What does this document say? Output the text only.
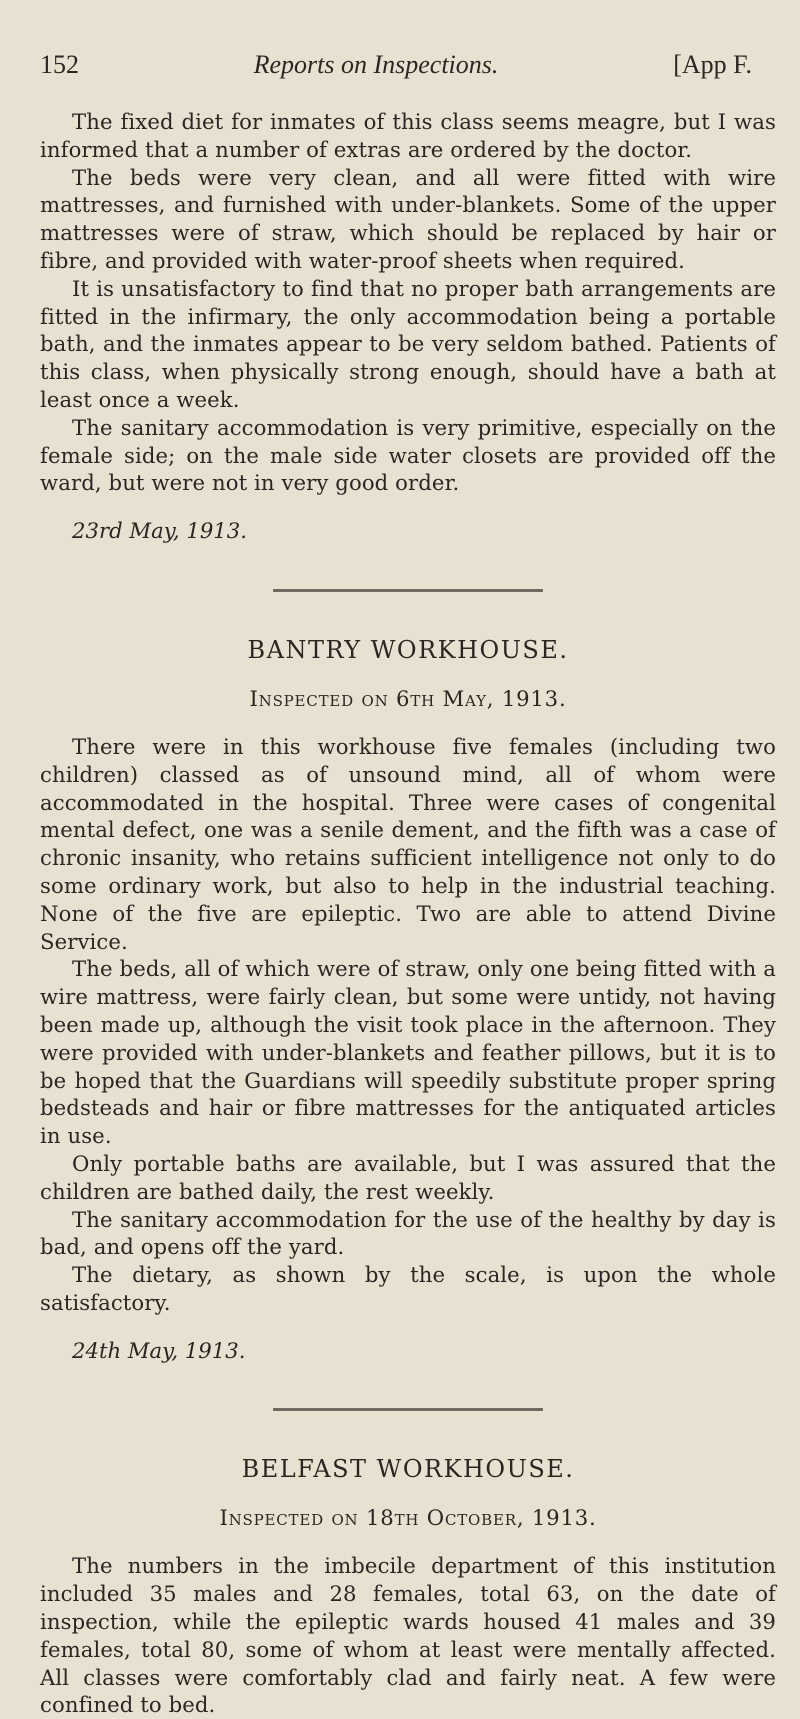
152	Reports on Inspections.	[App F.

The fixed diet for inmates of this class seems meagre, but I was informed that a number of extras are ordered by the doctor.

The beds were very clean, and all were fitted with wire mattresses, and furnished with under-blankets. Some of the upper mattresses were of straw, which should be replaced by hair or fibre, and provided with water-proof sheets when required.

It is unsatisfactory to find that no proper bath arrangements are fitted in the infirmary, the only accommodation being a portable bath, and the inmates appear to be very seldom bathed. Patients of this class, when physically strong enough, should have a bath at least once a week.

The sanitary accommodation is very primitive, especially on the female side; on the male side water closets are provided off the ward, but were not in very good order.

23rd May, 1913.
BANTRY WORKHOUSE.
Inspected on 6th May, 1913.

There were in this workhouse five females (including two children) classed as of unsound mind, all of whom were accommodated in the hospital. Three were cases of congenital mental defect, one was a senile dement, and the fifth was a case of chronic insanity, who retains sufficient intelligence not only to do some ordinary work, but also to help in the industrial teaching. None of the five are epileptic. Two are able to attend Divine Service.

The beds, all of which were of straw, only one being fitted with a wire mattress, were fairly clean, but some were untidy, not having been made up, although the visit took place in the afternoon. They were provided with under-blankets and feather pillows, but it is to be hoped that the Guardians will speedily substitute proper spring bedsteads and hair or fibre mattresses for the antiquated articles in use.

Only portable baths are available, but I was assured that the children are bathed daily, the rest weekly.

The sanitary accommodation for the use of the healthy by day is bad, and opens off the yard.

The dietary, as shown by the scale, is upon the whole satisfactory.

24th May, 1913.
BELFAST WORKHOUSE.
Inspected on 18th October, 1913.

The numbers in the imbecile department of this institution included 35 males and 28 females, total 63, on the date of inspection, while the epileptic wards housed 41 males and 39 females, total 80, some of whom at least were mentally affected. All classes were comfortably clad and fairly neat. A few were confined to bed.
